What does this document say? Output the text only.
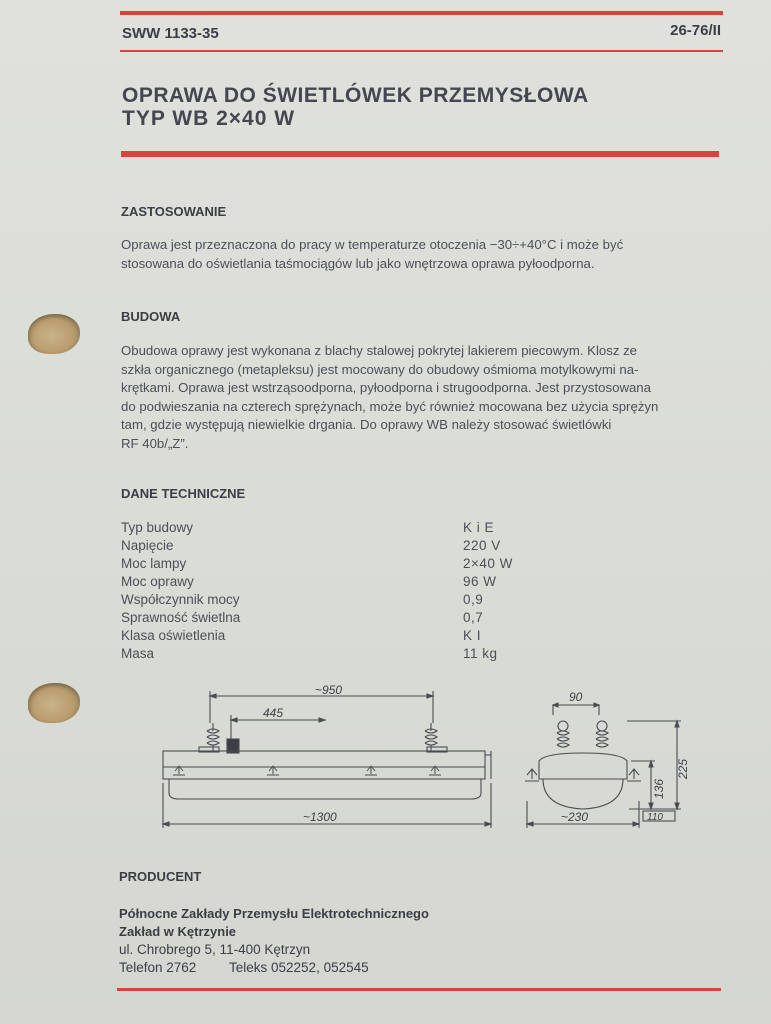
SWW 1133-35	26-76/II
OPRAWA DO ŚWIETLÓWEK PRZEMYSŁOWA
TYP WB 2×40 W
ZASTOSOWANIE
Oprawa jest przeznaczona do pracy w temperaturze otoczenia −30÷+40°C i może być
stosowana do oświetlania taśmociągów lub jako wnętrzowa oprawa pyłoodporna.
BUDOWA
Obudowa oprawy jest wykonana z blachy stalowej pokrytej lakierem piecowym. Klosz ze
szkła organicznego (metapleksu) jest mocowany do obudowy ośmioma motylkowymi na-
krętkami. Oprawa jest wstrząsoodporna, pyłoodporna i strugoodporna. Jest przystosowana
do podwieszania na czterech sprężynach, może być również mocowana bez użycia sprężyn
tam, gdzie występują niewielkie drgania. Do oprawy WB należy stosować świetlówki
RF 40b/„Z”.
DANE TECHNICZNE
Typ budowy	K i E
Napięcie	220 V
Moc lampy	2×40 W
Moc oprawy	96 W
Współczynnik mocy	0,9
Sprawność świetlna	0,7
Klasa oświetlenia	K I
Masa	11 kg
~950
445
~1300
90
~230	110
225
136
PRODUCENT
Północne Zakłady Przemysłu Elektrotechnicznego
Zakład w Kętrzynie
ul. Chrobrego 5, 11-400 Kętrzyn
Telefon 2762 Teleks 052252, 052545
